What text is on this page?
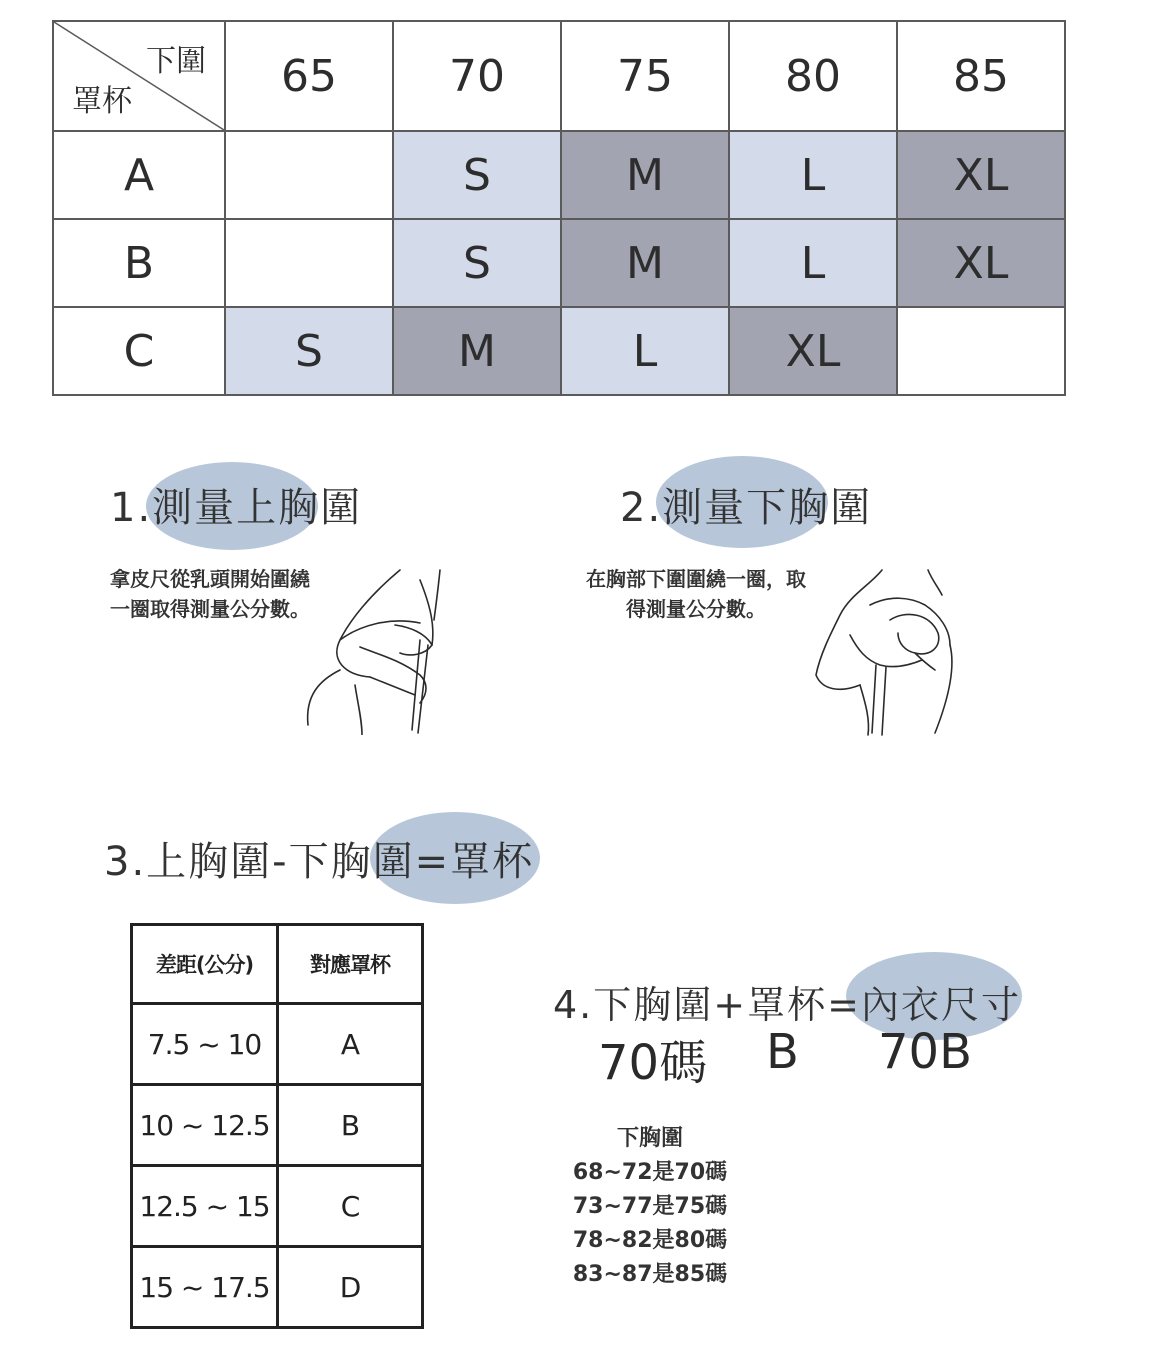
下圍
罩杯	65	70	75	80	85
A		S	M	L	XL
B		S	M	L	XL
C	S	M	L	XL	
1.測量上胸圍
拿皮尺從乳頭開始圍繞
一圈取得測量公分數。
2.測量下胸圍
在胸部下圍圍繞一圈，取
得測量公分數。
3.上胸圍-下胸圍=罩杯
差距(公分)	對應罩杯
7.5 ~ 10	A
10 ~ 12.5	B
12.5 ~ 15	C
15 ~ 17.5	D
4.下胸圍+罩杯=內衣尺寸
70碼 B 70B
下胸圍
68~72是70碼
73~77是75碼
78~82是80碼
83~87是85碼
